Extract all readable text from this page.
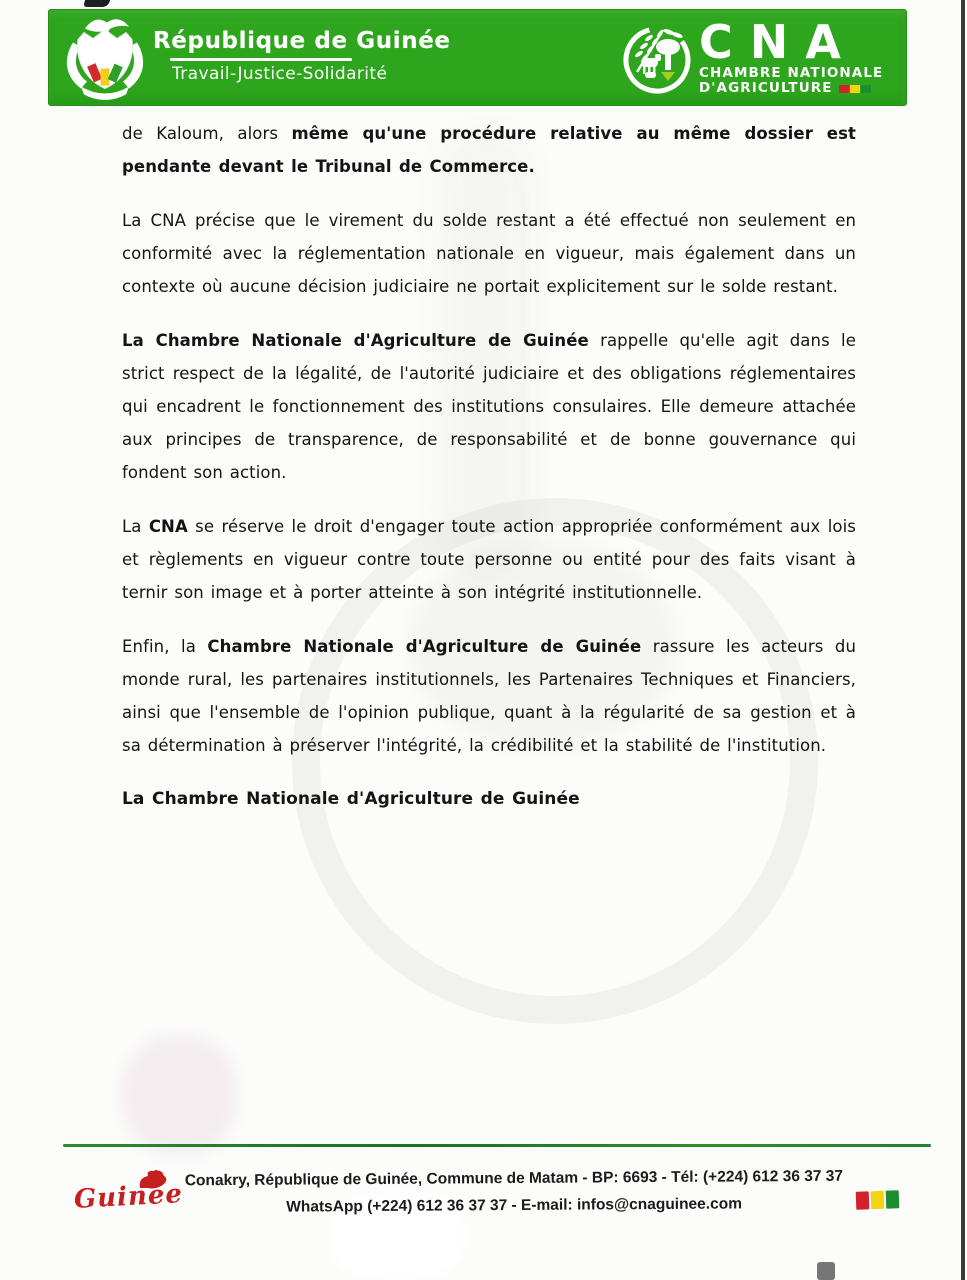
République de Guinée
Travail-Justice-Solidarité
CNA
CHAMBRE NATIONALE
D'AGRICULTURE

de Kaloum, alors même qu'une procédure relative au même dossier est pendante devant le Tribunal de Commerce.

La CNA précise que le virement du solde restant a été effectué non seulement en conformité avec la réglementation nationale en vigueur, mais également dans un contexte où aucune décision judiciaire ne portait explicitement sur le solde restant.

La Chambre Nationale d'Agriculture de Guinée rappelle qu'elle agit dans le strict respect de la légalité, de l'autorité judiciaire et des obligations réglementaires qui encadrent le fonctionnement des institutions consulaires. Elle demeure attachée aux principes de transparence, de responsabilité et de bonne gouvernance qui fondent son action.

La CNA se réserve le droit d'engager toute action appropriée conformément aux lois et règlements en vigueur contre toute personne ou entité pour des faits visant à ternir son image et à porter atteinte à son intégrité institutionnelle.

Enfin, la Chambre Nationale d'Agriculture de Guinée rassure les acteurs du monde rural, les partenaires institutionnels, les Partenaires Techniques et Financiers, ainsi que l'ensemble de l'opinion publique, quant à la régularité de sa gestion et à sa détermination à préserver l'intégrité, la crédibilité et la stabilité de l'institution.

La Chambre Nationale d'Agriculture de Guinée

Guinée
Conakry, République de Guinée, Commune de Matam - BP: 6693 - Tél: (+224) 612 36 37 37
WhatsApp (+224) 612 36 37 37 - E-mail: infos@cnaguinee.com
